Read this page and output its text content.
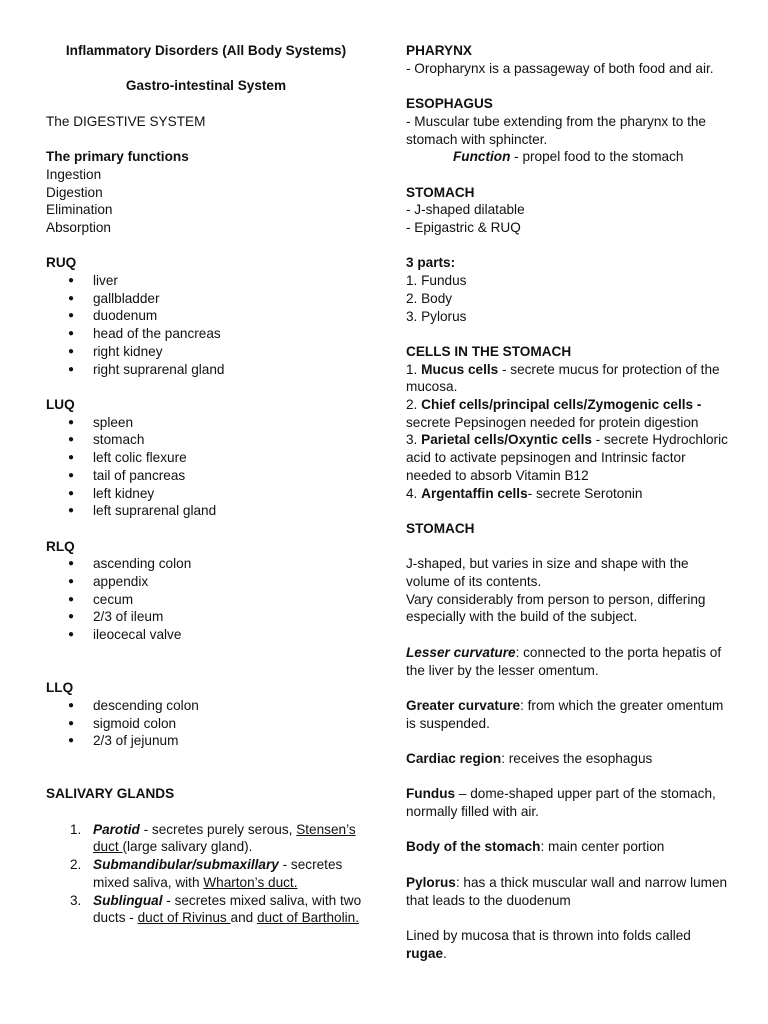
Inflammatory Disorders (All Body Systems)

Gastro-intestinal System

The DIGESTIVE SYSTEM

The primary functions

Ingestion

Digestion

Elimination

Absorption

RUQ

● liver
● gallbladder
● duodenum
● head of the pancreas
● right kidney
● right suprarenal gland

LUQ

● spleen
● stomach
● left colic flexure
● tail of pancreas
● left kidney
● left suprarenal gland

RLQ

● ascending colon
● appendix
● cecum
● 2/3 of ileum
● ileocecal valve

LLQ

● descending colon
● sigmoid colon
● 2/3 of jejunum

SALIVARY GLANDS

1. Parotid - secretes purely serous, Stensen’s duct (large salivary gland).
2. Submandibular/submaxillary - secretes mixed saliva, with Wharton’s duct.
3. Sublingual - secretes mixed saliva, with two ducts - duct of Rivinus and duct of Bartholin.

PHARYNX

- Oropharynx is a passageway of both food and air.

ESOPHAGUS

- Muscular tube extending from the pharynx to the stomach with sphincter.

Function - propel food to the stomach

STOMACH

- J-shaped dilatable

- Epigastric & RUQ

3 parts:

1. Fundus

2. Body

3. Pylorus

CELLS IN THE STOMACH

1. Mucus cells - secrete mucus for protection of the mucosa.

2. Chief cells/principal cells/Zymogenic cells - secrete Pepsinogen needed for protein digestion

3. Parietal cells/Oxyntic cells - secrete Hydrochloric acid to activate pepsinogen and Intrinsic factor needed to absorb Vitamin B12

4. Argentaffin cells- secrete Serotonin

STOMACH

J-shaped, but varies in size and shape with the volume of its contents.

Vary considerably from person to person, differing especially with the build of the subject.

Lesser curvature: connected to the porta hepatis of the liver by the lesser omentum.

Greater curvature: from which the greater omentum is suspended.

Cardiac region: receives the esophagus

Fundus – dome-shaped upper part of the stomach, normally filled with air.

Body of the stomach: main center portion

Pylorus: has a thick muscular wall and narrow lumen that leads to the duodenum

Lined by mucosa that is thrown into folds called rugae.
